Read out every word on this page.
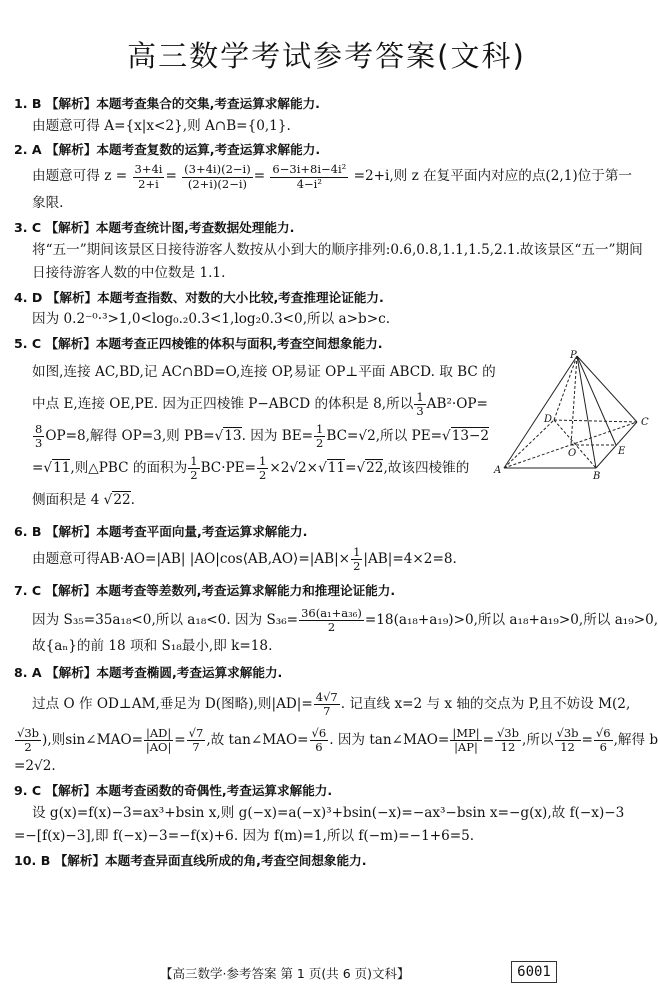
高三数学考试参考答案(文科)
1. B 【解析】本题考查集合的交集,考查运算求解能力.
由题意可得 A={x|x<2},则 A∩B={0,1}.
2. A 【解析】本题考查复数的运算,考查运算求解能力.
由题意可得 $z = \frac{3+4i}{2+i} = \frac{(3+4i)(2-i)}{(2+i)(2-i)} = \frac{\text{6−3i+8i−4i²}}{\text{4−i²}} =2+i$,则 z 在复平面内对应的点(2,1)位于第一
象限.
3. C 【解析】本题考查统计图,考查数据处理能力.
将“五一”期间该景区日接待游客人数按从小到大的顺序排列:0.6,0.8,1.1,1.5,2.1.故该景区“五一”期间
日接待游客人数的中位数是 1.1.
4. D 【解析】本题考查指数、对数的大小比较,考查推理论证能力.
因为 0.2⁻⁰·³>1,0<log₀.₂0.3<1,log₂0.3<0,所以 a>b>c.
5. C 【解析】本题考查正四棱锥的体积与面积,考查空间想象能力.
如图,连接 AC,BD,记 AC∩BD=O,连接 OP,易证 OP⊥平面 ABCD. 取 BC 的
中点 E,连接 OE,PE. 因为正四棱锥 P−ABCD 的体积是 8,所以 $\frac{1}{3} AB^2\cdot OP=$
$\frac{8}{3} OP=8$,解得 OP=3,则 PB=√13. 因为 $BE= \frac{1}{2} BC=√2$,所以 PE=√13−2
=√11,则△PBC 的面积为 $\frac{1}{2} BC\cdot PE= \frac{1}{2} \times 2√2\times√11=√22$,故该四棱锥的
侧面积是 4 √22.
P
D	C
O	E
A
B
6. B 【解析】本题考查平面向量,考查运算求解能力.
由题意可得AB·AO=|AB| |AO|cos⟨AB,AO⟩=|AB|× $\frac{1}{2} |AB|=4\times 2=8$.
7. C 【解析】本题考查等差数列,考查运算求解能力和推理论证能力.
因为 S₃₅=35a₁₈<0,所以 a₁₈<0. 因为 $S_{36}= \frac{\text{36(a₁+a₃₆)}}{2} =18(a_{18}+a_{19})>0$,所以 a₁₈+a₁₉>0,所以 a₁₉>0,
故{aₙ}的前 18 项和 S₁₈最小,即 k=18.
8. A 【解析】本题考查椭圆,考查运算求解能力.
过点 O 作 OD⊥AM,垂足为 D(图略),则$|AD|= \frac{4√7}{7}$ . 记直线 x=2 与 x 轴的交点为 P,且不妨设 M(2,
$\frac{√3b}{2}$ ),则sin∠MAO= $\frac{|AD|}{|AO|} = \frac{√7}{7}$ ,故 tan∠MAO= $\frac{√6}{6}$ . 因为 tan∠MAO= $\frac{|MP|}{|AP|} = \frac{√3b}{12}$ ,所以 $\frac{√3b}{12} = \frac{√6}{6}$ ,解得 b
=2√2.
9. C 【解析】本题考查函数的奇偶性,考查运算求解能力.
设 g(x)=f(x)−3=ax³+bsin x,则 g(−x)=a(−x)³+bsin(−x)=−ax³−bsin x=−g(x),故 f(−x)−3
=−[f(x)−3],即 f(−x)−3=−f(x)+6. 因为 f(m)=1,所以 f(−m)=−1+6=5.
10. B 【解析】本题考查异面直线所成的角,考查空间想象能力.
【高三数学·参考答案 第 1 页(共 6 页)文科】	6001
